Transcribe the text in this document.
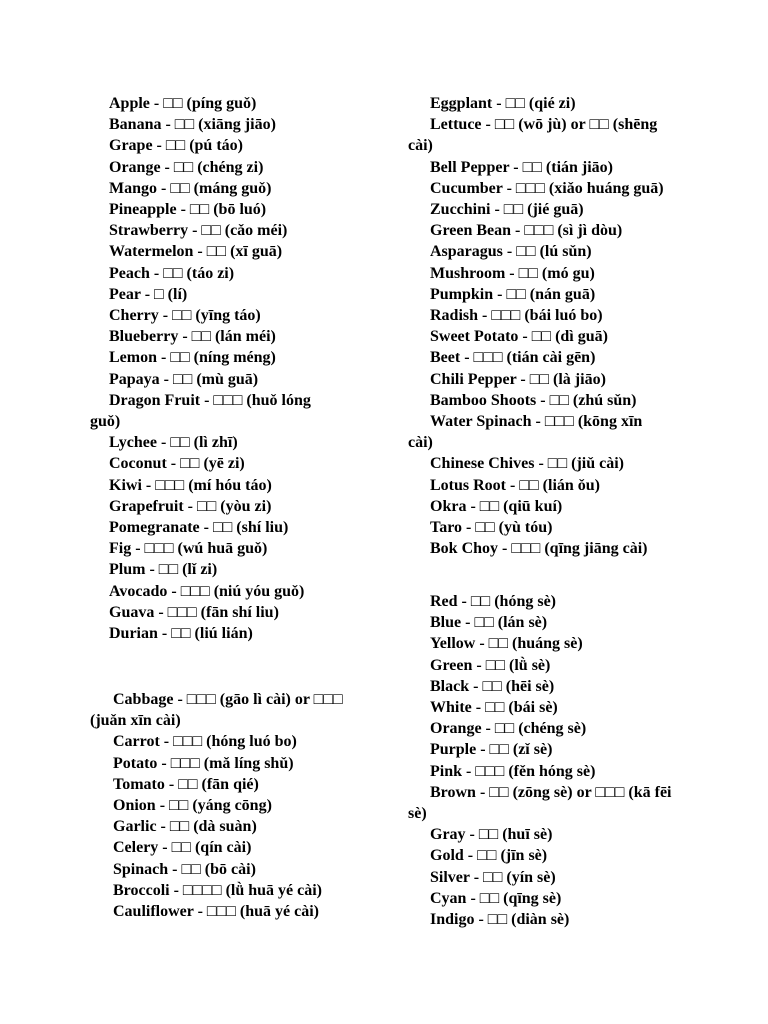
Apple - □□ (píng guǒ)

Banana - □□ (xiāng jiāo)

Grape - □□ (pú táo)

Orange - □□ (chéng zi)

Mango - □□ (máng guǒ)

Pineapple - □□ (bō luó)

Strawberry - □□ (cǎo méi)

Watermelon - □□ (xī guā)

Peach - □□ (táo zi)

Pear - □ (lí)

Cherry - □□ (yīng táo)

Blueberry - □□ (lán méi)

Lemon - □□ (níng méng)

Papaya - □□ (mù guā)

Dragon Fruit - □□□ (huǒ lóng guǒ)

Lychee - □□ (lì zhī)

Coconut - □□ (yē zi)

Kiwi - □□□ (mí hóu táo)

Grapefruit - □□ (yòu zi)

Pomegranate - □□ (shí liu)

Fig - □□□ (wú huā guǒ)

Plum - □□ (lǐ zi)

Avocado - □□□ (niú yóu guǒ)

Guava - □□□ (fān shí liu)

Durian - □□ (liú lián)

Cabbage - □□□ (gāo lì cài) or □□□ (juǎn xīn cài)

Carrot - □□□ (hóng luó bo)

Potato - □□□ (mǎ líng shǔ)

Tomato - □□ (fān qié)

Onion - □□ (yáng cōng)

Garlic - □□ (dà suàn)

Celery - □□ (qín cài)

Spinach - □□ (bō cài)

Broccoli - □□□□ (lǜ huā yé cài)

Cauliflower - □□□ (huā yé cài)

Eggplant - □□ (qié zi)

Lettuce - □□ (wō jù) or □□ (shēng cài)

Bell Pepper - □□ (tián jiāo)

Cucumber - □□□ (xiǎo huáng guā)

Zucchini - □□ (jié guā)

Green Bean - □□□ (sì jì dòu)

Asparagus - □□ (lú sǔn)

Mushroom - □□ (mó gu)

Pumpkin - □□ (nán guā)

Radish - □□□ (bái luó bo)

Sweet Potato - □□ (dì guā)

Beet - □□□ (tián cài gēn)

Chili Pepper - □□ (là jiāo)

Bamboo Shoots - □□ (zhú sǔn)

Water Spinach - □□□ (kōng xīn cài)

Chinese Chives - □□ (jiǔ cài)

Lotus Root - □□ (lián ǒu)

Okra - □□ (qiū kuí)

Taro - □□ (yù tóu)

Bok Choy - □□□ (qīng jiāng cài)

Red - □□ (hóng sè)

Blue - □□ (lán sè)

Yellow - □□ (huáng sè)

Green - □□ (lǜ sè)

Black - □□ (hēi sè)

White - □□ (bái sè)

Orange - □□ (chéng sè)

Purple - □□ (zǐ sè)

Pink - □□□ (fěn hóng sè)

Brown - □□ (zōng sè) or □□□ (kā fēi sè)

Gray - □□ (huī sè)

Gold - □□ (jīn sè)

Silver - □□ (yín sè)

Cyan - □□ (qīng sè)

Indigo - □□ (diàn sè)
